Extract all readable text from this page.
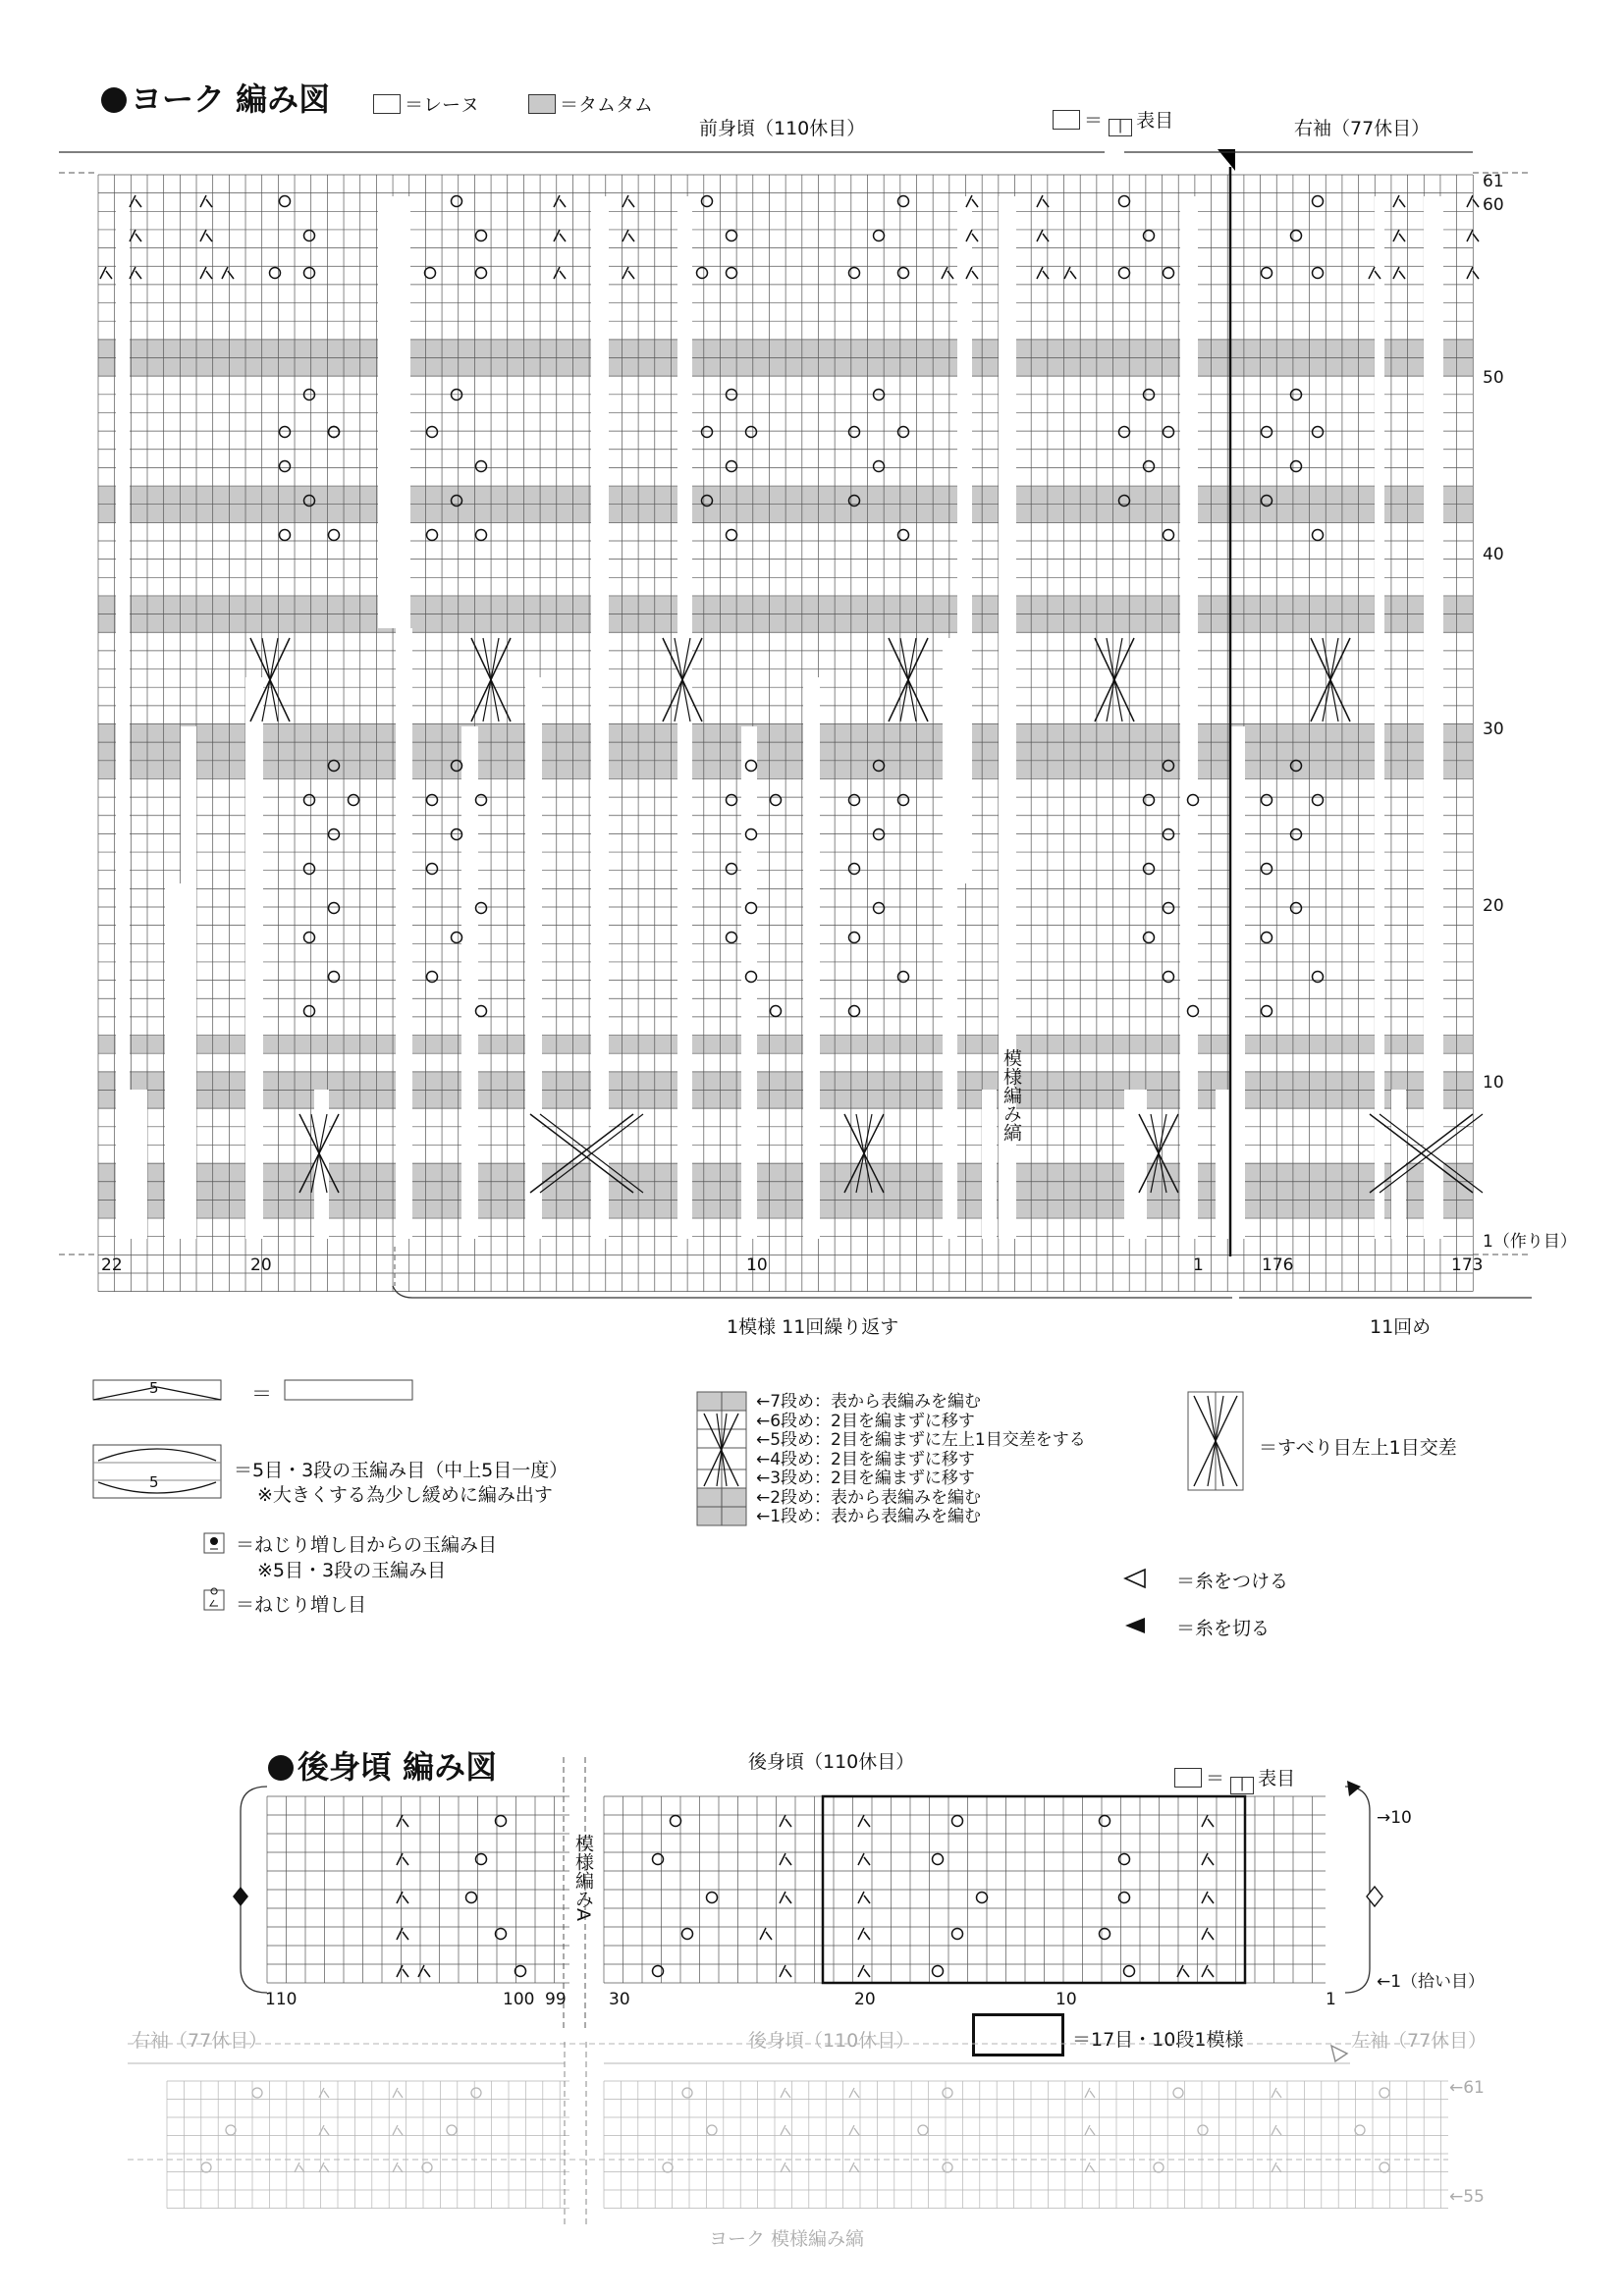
ヨーク 編み図	＝レーヌ	＝タムタム
＝ | 表目
前身頃（110休目）	右袖（77休目）
61
60
50
40
30
20
10
1（作り目）
22	20	10	1	176	173
1模様 11回繰り返す	11回め
模様編み縞
5	＝
5
＝5目・3段の玉編み目（中上5目一度）
※大きくする為少し緩めに編み出す
＝ねじり増し目からの玉編み目
※5目・3段の玉編み目
＝ねじり増し目
←7段め：表から表編みを編む
←6段め：2目を編まずに移す
←5段め：2目を編まずに左上1目交差をする
←4段め：2目を編まずに移す
←3段め：2目を編まずに移す
←2段め：表から表編みを編む
←1段め：表から表編みを編む
＝すべり目左上1目交差
＝糸をつける
＝糸を切る
後身頃 編み図	後身頃（110休目）
＝ | 表目
110	100 99	30	20	10	1
模様編みA
→10
←1（拾い目）
＝17目・10段1模様
右袖（77休目）	後身頃（110休目）	左袖（77休目）
←61
←55
ヨーク 模様編み縞
